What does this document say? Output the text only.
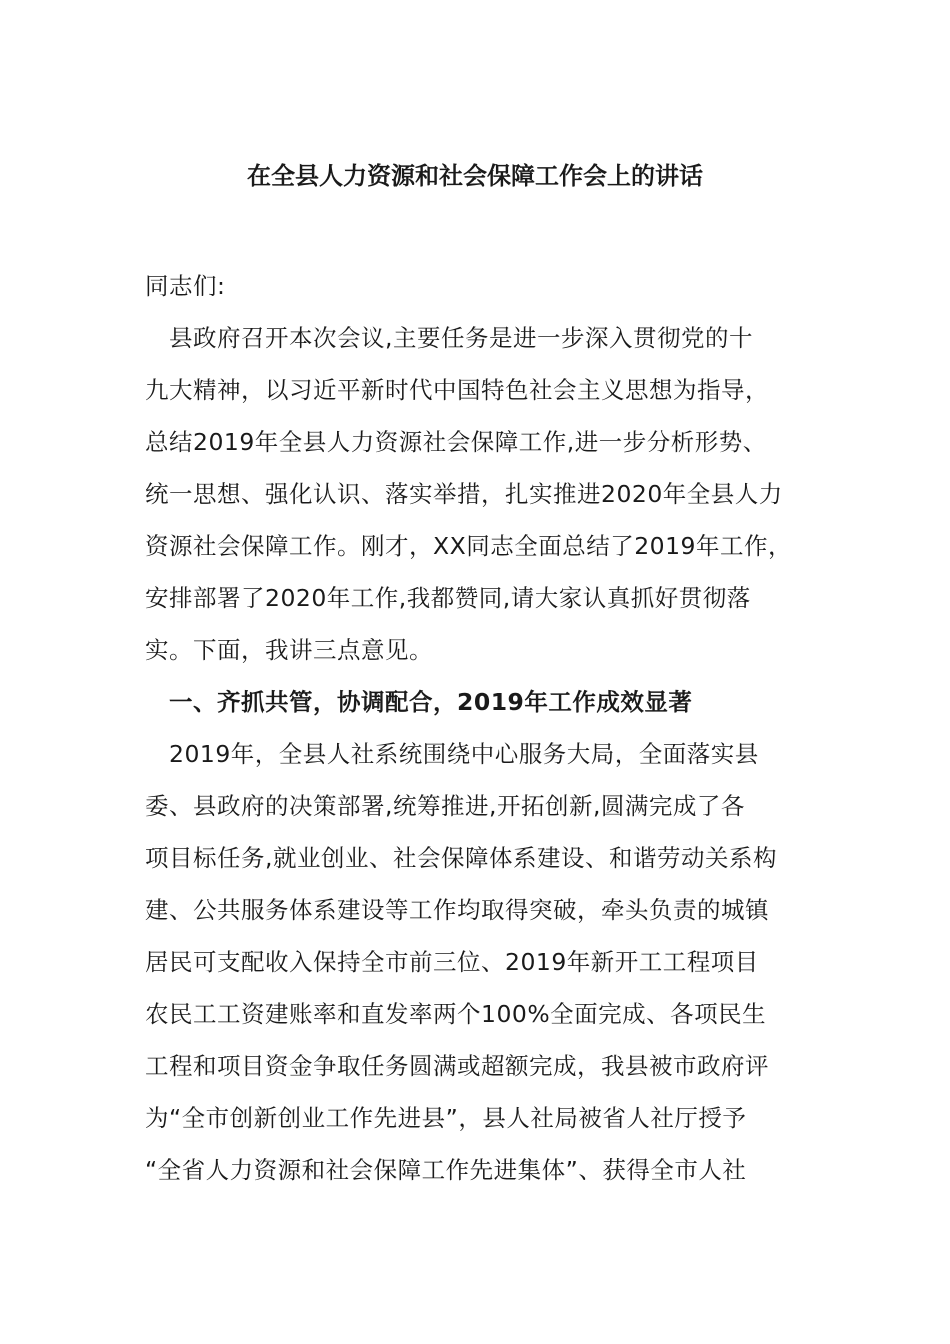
在全县人力资源和社会保障工作会上的讲话
同志们:
　县政府召开本次会议,主要任务是进一步深入贯彻党的十
九大精神，以习近平新时代中国特色社会主义思想为指导，
总结2019年全县人力资源社会保障工作,进一步分析形势、
统一思想、强化认识、落实举措，扎实推进2020年全县人力
资源社会保障工作。刚才，XX同志全面总结了2019年工作，
安排部署了2020年工作,我都赞同,请大家认真抓好贯彻落
实。下面，我讲三点意见。
　一、齐抓共管，协调配合，2019年工作成效显著
　2019年，全县人社系统围绕中心服务大局，全面落实县
委、县政府的决策部署,统筹推进,开拓创新,圆满完成了各
项目标任务,就业创业、社会保障体系建设、和谐劳动关系构
建、公共服务体系建设等工作均取得突破，牵头负责的城镇
居民可支配收入保持全市前三位、2019年新开工工程项目
农民工工资建账率和直发率两个100%全面完成、各项民生
工程和项目资金争取任务圆满或超额完成，我县被市政府评
为“全市创新创业工作先进县”，县人社局被省人社厅授予
“全省人力资源和社会保障工作先进集体”、获得全市人社
